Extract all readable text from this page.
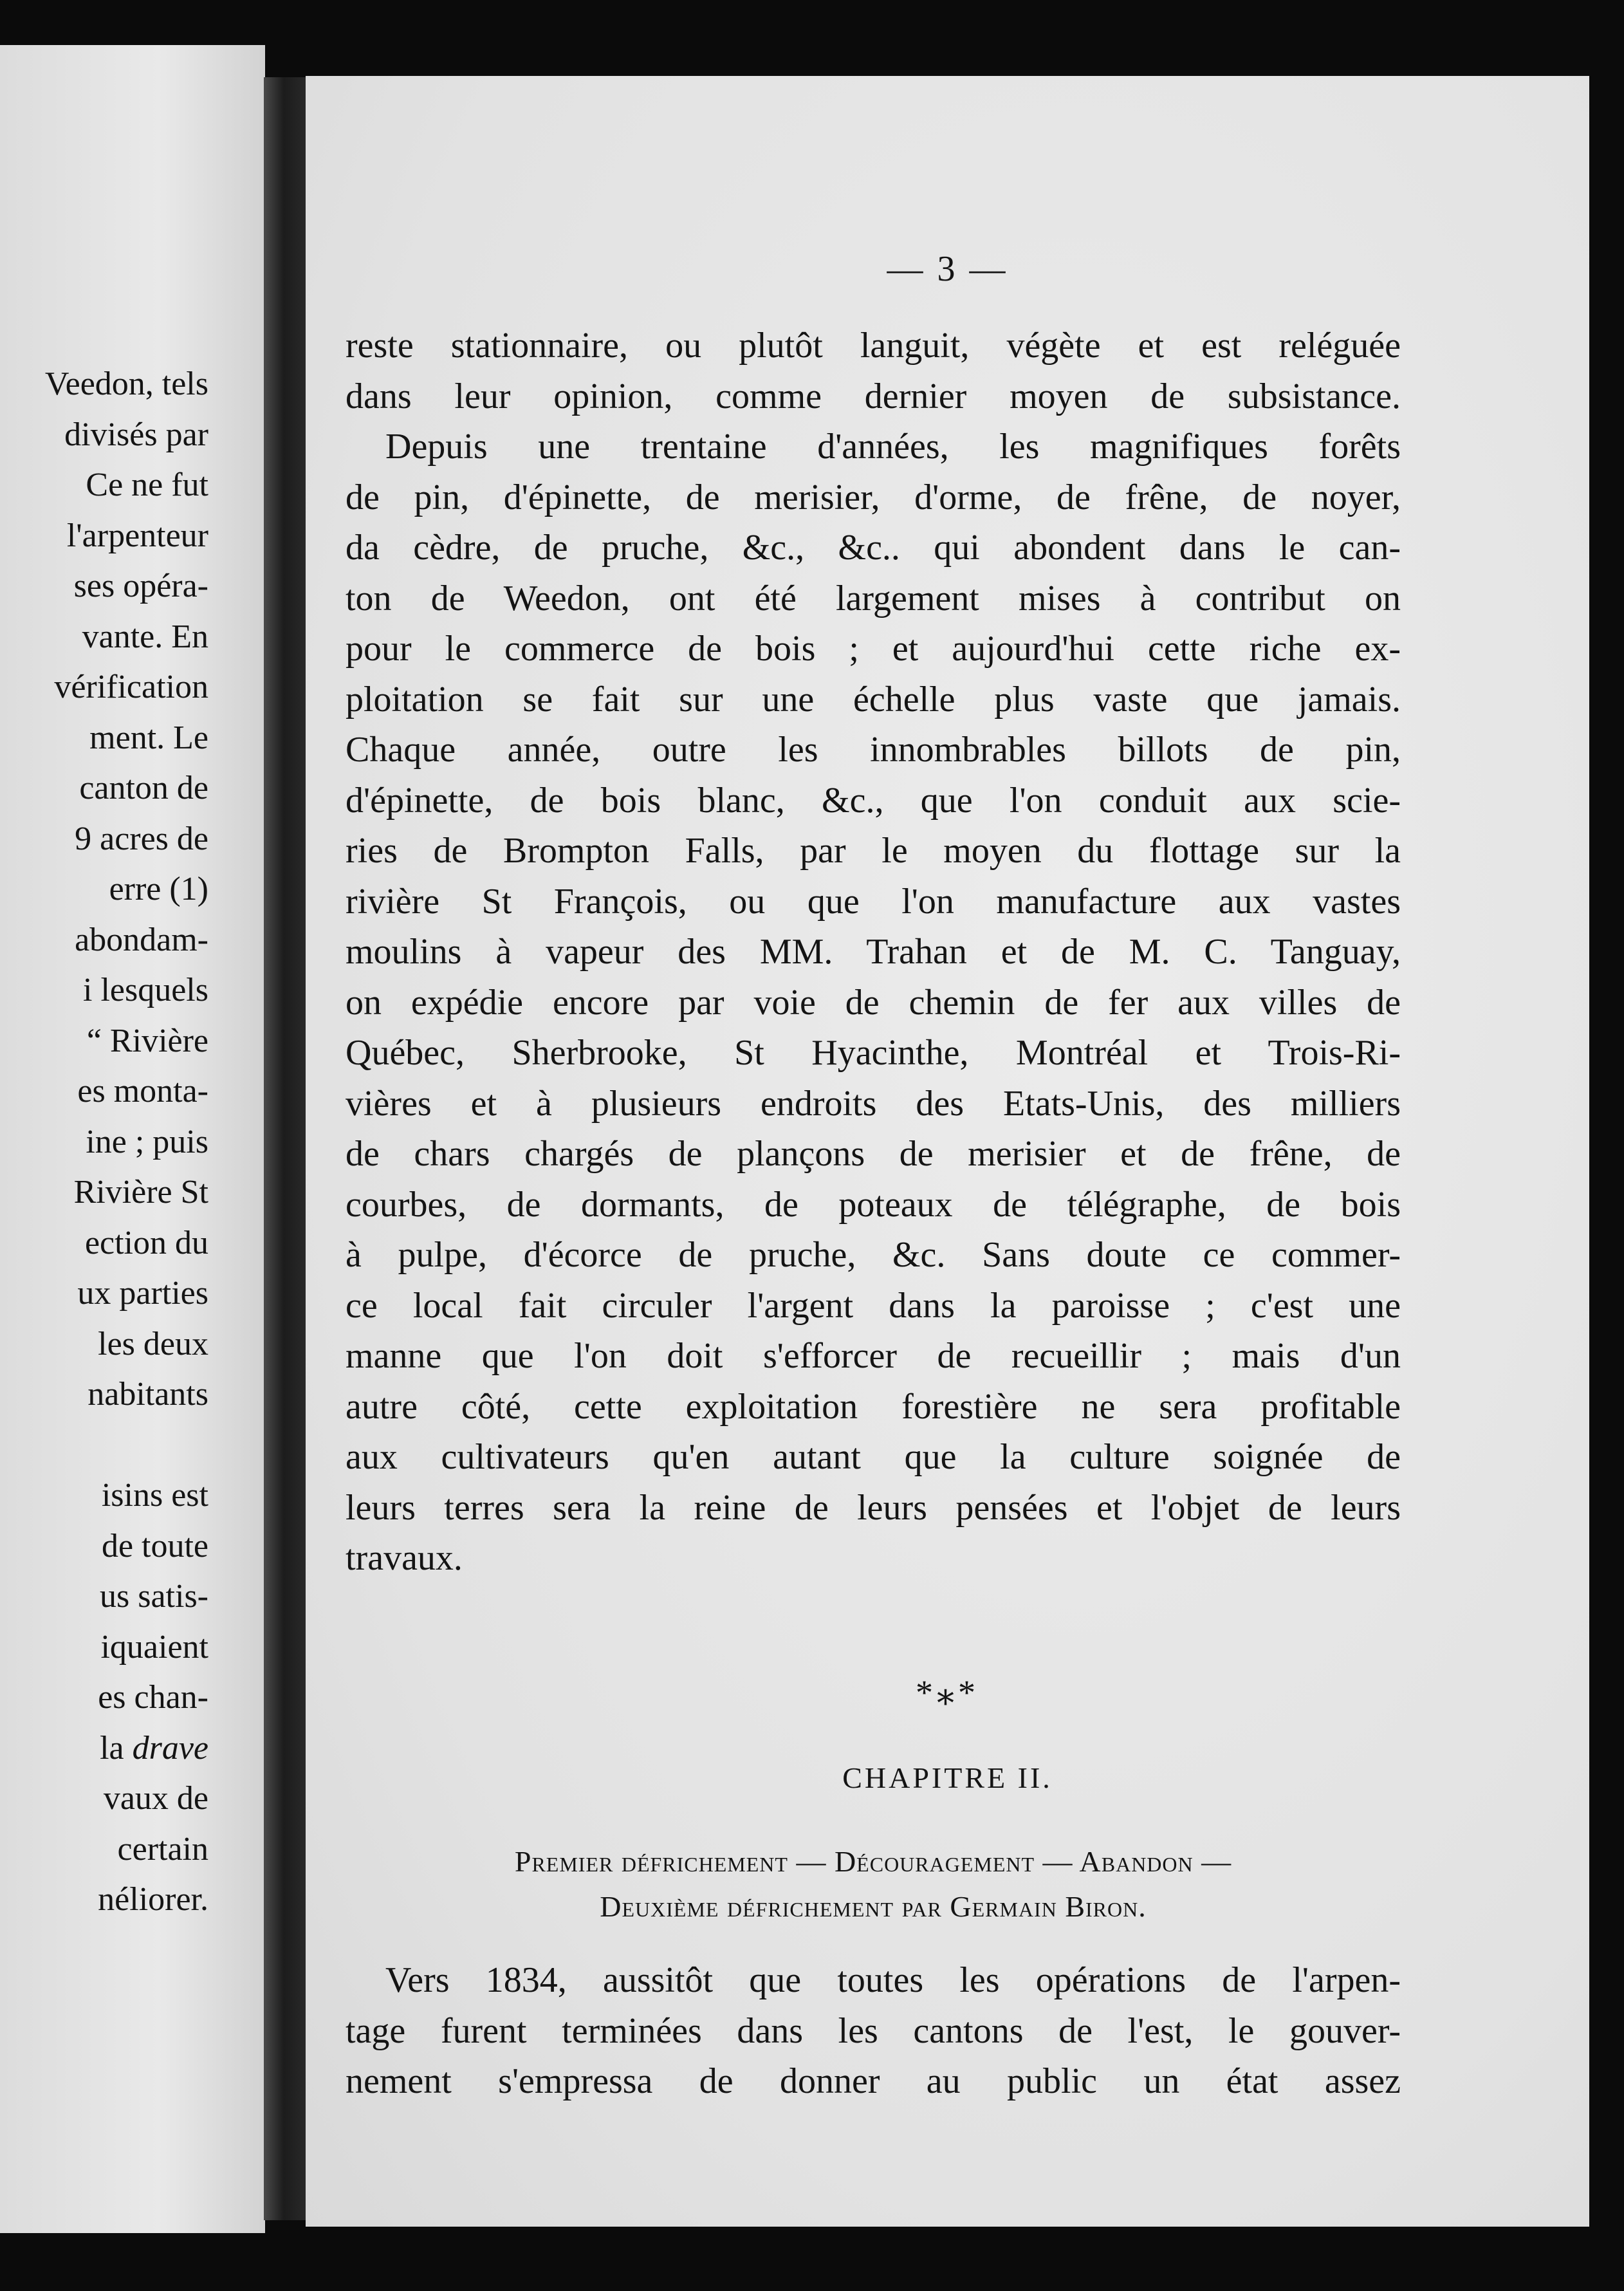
Veedon, tels
divisés par
Ce ne fut
l'arpenteur
ses opéra-
vante. En
vérification
ment. Le
canton de
9 acres de
erre (1)
abondam-
i lesquels
“ Rivière
es monta-
ine ; puis
Rivière St
ection du
ux parties
les deux
nabitants
isins est
de toute
us satis-
iquaient
es chan-
la drave
vaux de
certain
néliorer.
— 3 —
reste stationnaire, ou plutôt languit, végète et est reléguée
dans leur opinion, comme dernier moyen de subsistance.
Depuis une trentaine d'années, les magnifiques forêts
de pin, d'épinette, de merisier, d'orme, de frêne, de noyer,
da cèdre, de pruche, &c., &c.. qui abondent dans le can-
ton de Weedon, ont été largement mises à contribut on
pour le commerce de bois ; et aujourd'hui cette riche ex-
ploitation se fait sur une échelle plus vaste que jamais.
Chaque année, outre les innombrables billots de pin,
d'épinette, de bois blanc, &c., que l'on conduit aux scie-
ries de Brompton Falls, par le moyen du flottage sur la
rivière St François, ou que l'on manufacture aux vastes
moulins à vapeur des MM. Trahan et de M. C. Tanguay,
on expédie encore par voie de chemin de fer aux villes de
Québec, Sherbrooke, St Hyacinthe, Montréal et Trois-Ri-
vières et à plusieurs endroits des Etats-Unis, des milliers
de chars chargés de plançons de merisier et de frêne, de
courbes, de dormants, de poteaux de télégraphe, de bois
à pulpe, d'écorce de pruche, &c. Sans doute ce commer-
ce local fait circuler l'argent dans la paroisse ; c'est une
manne que l'on doit s'efforcer de recueillir ; mais d'un
autre côté, cette exploitation forestière ne sera profitable
aux cultivateurs qu'en autant que la culture soignée de
leurs terres sera la reine de leurs pensées et l'objet de leurs
travaux.
*⁎*
CHAPITRE II.
Premier défrichement — Découragement — Abandon —
Deuxième défrichement par Germain Biron.
Vers 1834, aussitôt que toutes les opérations de l'arpen-
tage furent terminées dans les cantons de l'est, le gouver-
nement s'empressa de donner au public un état assez
